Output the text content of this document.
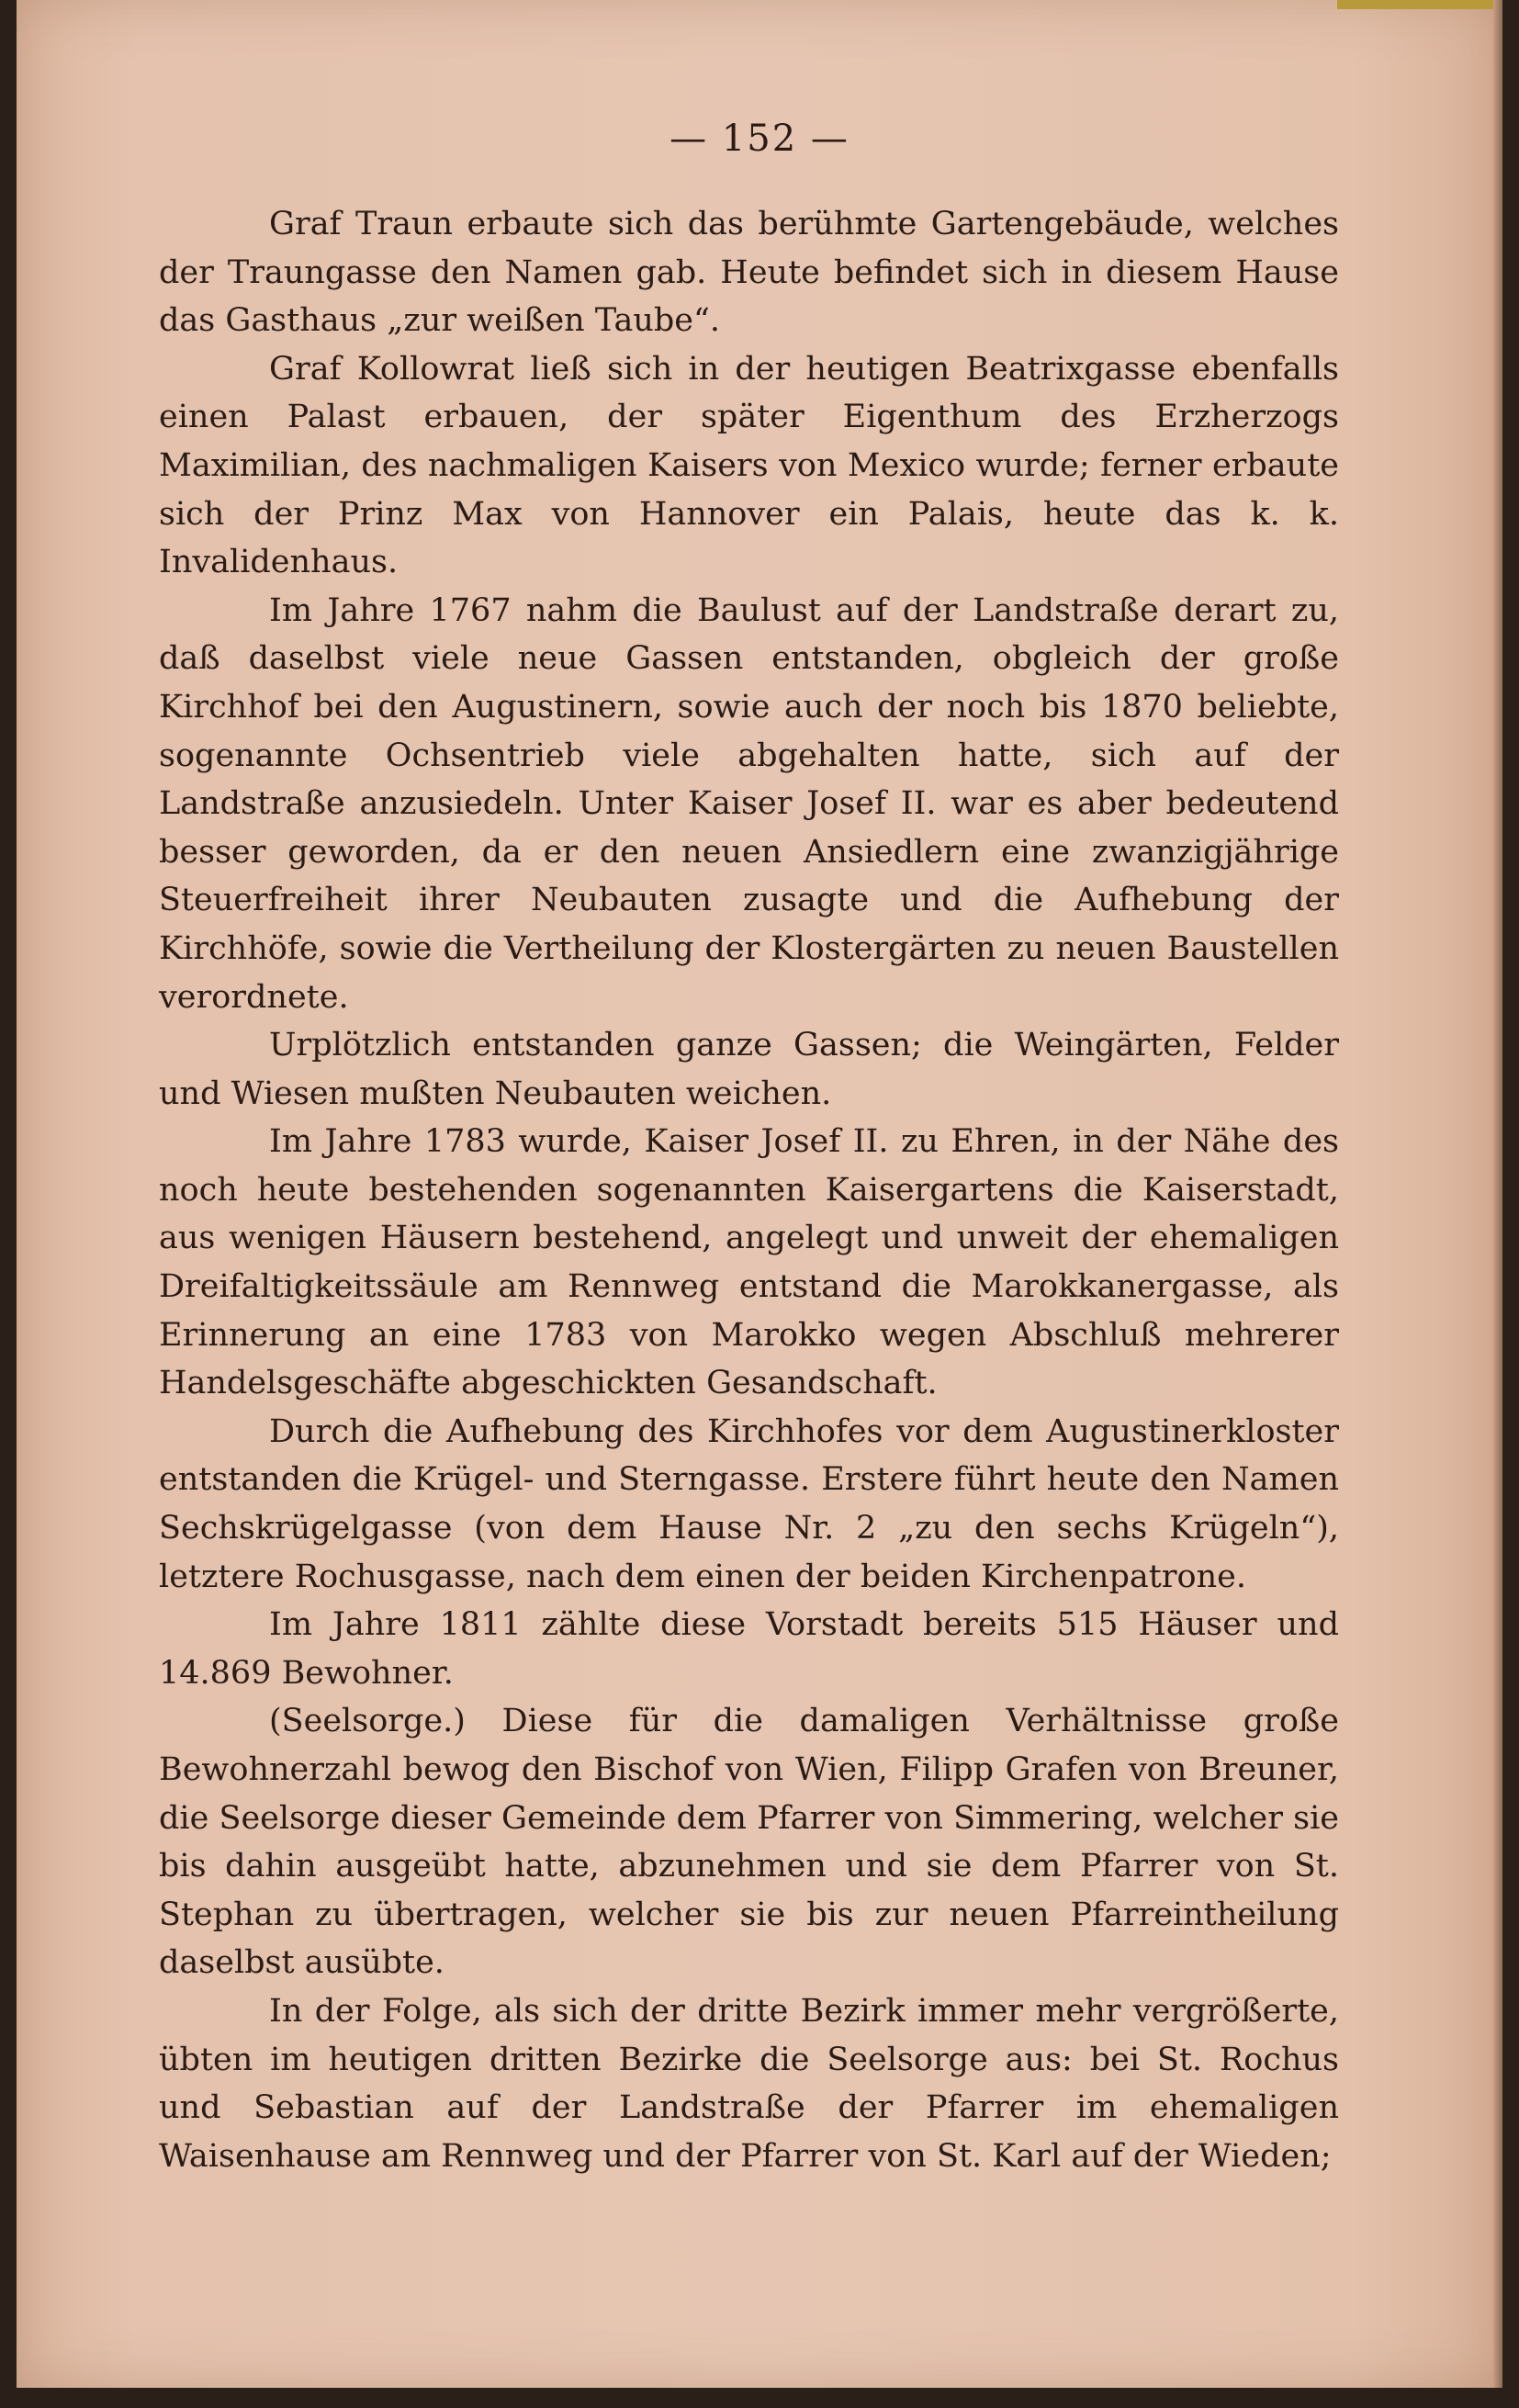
— 152 —

Graf Traun erbaute sich das berühmte Gartengebäude, welches der Traungasse den Namen gab. Heute befindet sich in diesem Hause das Gasthaus „zur weißen Taube“.

Graf Kollowrat ließ sich in der heutigen Beatrixgasse ebenfalls einen Palast erbauen, der später Eigenthum des Erzherzogs Maximilian, des nachmaligen Kaisers von Mexico wurde; ferner erbaute sich der Prinz Max von Hannover ein Palais, heute das k. k. Invalidenhaus.

Im Jahre 1767 nahm die Baulust auf der Landstraße derart zu, daß daselbst viele neue Gassen entstanden, obgleich der große Kirchhof bei den Augustinern, sowie auch der noch bis 1870 beliebte, sogenannte Ochsentrieb viele abgehalten hatte, sich auf der Landstraße anzusiedeln. Unter Kaiser Josef II. war es aber bedeutend besser geworden, da er den neuen Ansiedlern eine zwanzigjährige Steuerfreiheit ihrer Neubauten zusagte und die Aufhebung der Kirchhöfe, sowie die Vertheilung der Klostergärten zu neuen Baustellen verordnete.

Urplötzlich entstanden ganze Gassen; die Weingärten, Felder und Wiesen mußten Neubauten weichen.

Im Jahre 1783 wurde, Kaiser Josef II. zu Ehren, in der Nähe des noch heute bestehenden sogenannten Kaisergartens die Kaiserstadt, aus wenigen Häusern bestehend, angelegt und unweit der ehemaligen Dreifaltigkeitssäule am Rennweg entstand die Marokkanergasse, als Erinnerung an eine 1783 von Marokko wegen Abschluß mehrerer Handelsgeschäfte abgeschickten Gesandschaft.

Durch die Aufhebung des Kirchhofes vor dem Augustinerkloster entstanden die Krügel- und Sterngasse. Erstere führt heute den Namen Sechskrügelgasse (von dem Hause Nr. 2 „zu den sechs Krügeln“), letztere Rochusgasse, nach dem einen der beiden Kirchenpatrone.

Im Jahre 1811 zählte diese Vorstadt bereits 515 Häuser und 14.869 Bewohner.

(Seelsorge.) Diese für die damaligen Verhältnisse große Bewohnerzahl bewog den Bischof von Wien, Filipp Grafen von Breuner, die Seelsorge dieser Gemeinde dem Pfarrer von Simmering, welcher sie bis dahin ausgeübt hatte, abzunehmen und sie dem Pfarrer von St. Stephan zu übertragen, welcher sie bis zur neuen Pfarreintheilung daselbst ausübte.

In der Folge, als sich der dritte Bezirk immer mehr vergrößerte, übten im heutigen dritten Bezirke die Seelsorge aus: bei St. Rochus und Sebastian auf der Landstraße der Pfarrer im ehemaligen Waisenhause am Rennweg und der Pfarrer von St. Karl auf der Wieden;
